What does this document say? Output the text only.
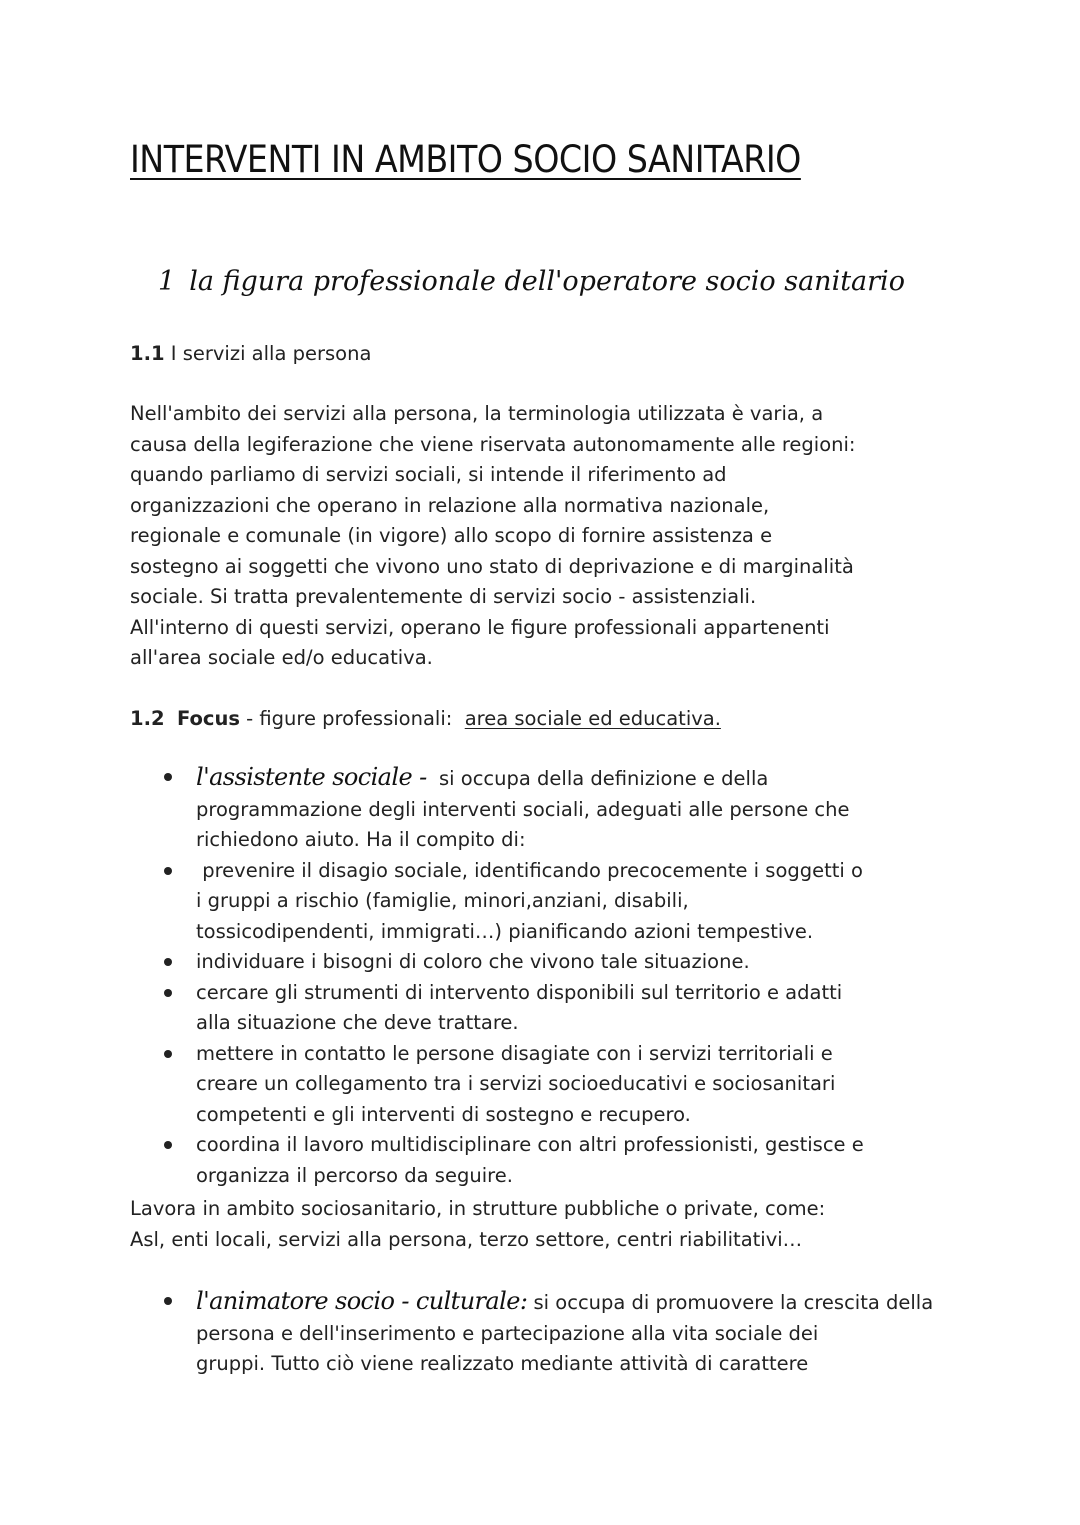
INTERVENTI IN AMBITO SOCIO SANITARIO
1 la figura professionale dell'operatore socio sanitario

1.1 I servizi alla persona

Nell'ambito dei servizi alla persona, la terminologia utilizzata è varia, a
causa della legiferazione che viene riservata autonomamente alle regioni:
quando parliamo di servizi sociali, si intende il riferimento ad
organizzazioni che operano in relazione alla normativa nazionale,
regionale e comunale (in vigore) allo scopo di fornire assistenza e
sostegno ai soggetti che vivono uno stato di deprivazione e di marginalità
sociale. Si tratta prevalentemente di servizi socio - assistenziali.
All'interno di questi servizi, operano le figure professionali appartenenti
all'area sociale ed/o educativa.

1.2 Focus - figure professionali:  area sociale ed educativa.

l'assistente sociale -  si occupa della definizione e della
programmazione degli interventi sociali, adeguati alle persone che
richiedono aiuto. Ha il compito di:
prevenire il disagio sociale, identificando precocemente i soggetti o
i gruppi a rischio (famiglie, minori,anziani, disabili,
tossicodipendenti, immigrati…) pianificando azioni tempestive.
individuare i bisogni di coloro che vivono tale situazione.
cercare gli strumenti di intervento disponibili sul territorio e adatti
alla situazione che deve trattare.
mettere in contatto le persone disagiate con i servizi territoriali e
creare un collegamento tra i servizi socioeducativi e sociosanitari
competenti e gli interventi di sostegno e recupero.
coordina il lavoro multidisciplinare con altri professionisti, gestisce e
organizza il percorso da seguire.
Lavora in ambito sociosanitario, in strutture pubbliche o private, come:
Asl, enti locali, servizi alla persona, terzo settore, centri riabilitativi…
l'animatore socio - culturale: si occupa di promuovere la crescita della
persona e dell'inserimento e partecipazione alla vita sociale dei
gruppi. Tutto ciò viene realizzato mediante attività di carattere
